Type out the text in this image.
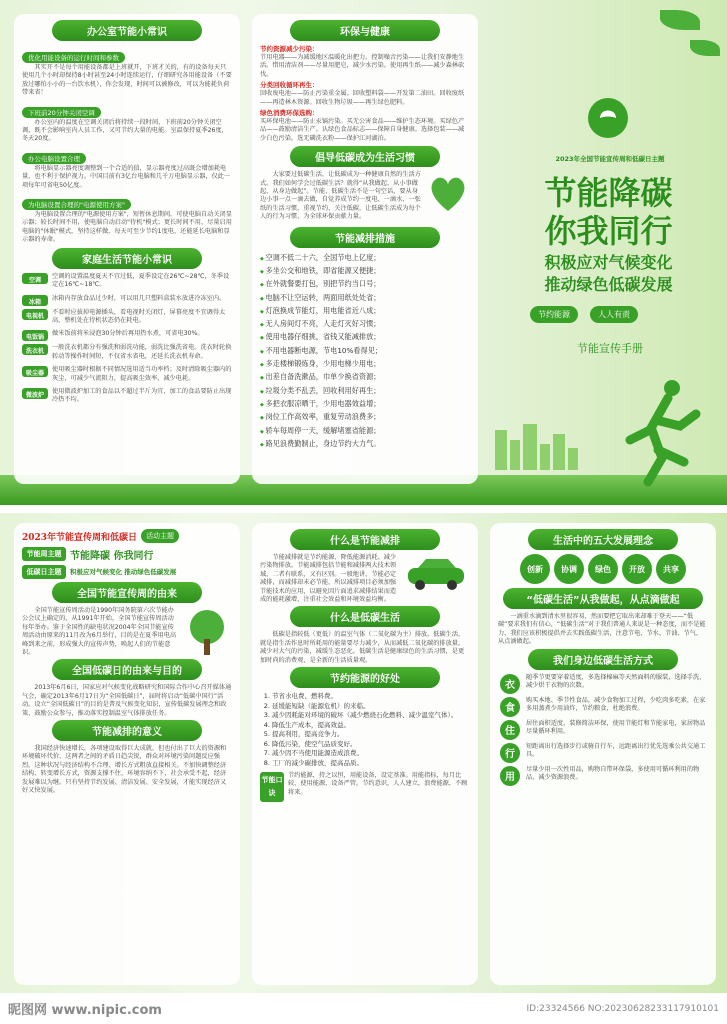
办公室节能小常识
优化用能设备的运行时间和参数
其实开不是每个用能设备都是上班就开，下班才关的，有的设备每天只使用几个小时却保持8小时甚至24小时连续运行，仔细研究各用能设备（不要放过哪怕小小的一台饮水机），你会发现，时间可以被修改，可以为能耗负荷带来省！
下班前20分钟关闭空调
办公室内的温度在空调关闭后将持续一段时间，下班前20分钟关闭空调，既不会影响室内人员工作，又可节约大量的电能。室温保持夏季26度，冬天20度。
办公电脑设置合理
将电脑显示器亮度调整到一个合适的值，显示器亮度过高既会增加耗电量，也不利于保护视力。中国目前有3亿台电脑和几千万电脑显示器，仅此一项每年可省电50亿度。
为电脑设置合理的"电源使用方案"
为电脑设置合理的"电源使用方案"，短暂休息期间，可使电脑自动关闭显示器；较长时间不用，使电脑自动启动"待机"模式；更长时间不用，尽量启用电脑的"休眠"模式，坚持这样做，每天可至少节约1度电，还能延长电脑和显示器的寿命。
家庭生活节能小常识
空调
空调的设置温度夏天不宜过低，夏季设定在26℃~28℃，冬季设定在16℃~18℃。
冰箱
冰箱内存放食品过少时，可以用几只塑料盒装水放进冷冻室内。
电视机
不看时应拔掉电源插头，看电视时关闭灯，屏幕亮度不宜调得太高，整机处在待机状态仍在耗电。
电饭锅
做米饭前将米浸泡30分钟后再用热水煮，可省电30%。
洗衣机
一般洗衣机都分有强洗和弱洗功能，弱洗比强洗省电。洗衣时轮换转动等操作时间短，不仅省水省电，还延长洗衣机寿命。
吸尘器
使用吸尘器时根据不同情况选用适当功率档；及时清除吸尘器内的灰尘，可减少气流阻力，提高吸尘效率，减少电耗。
微波炉
使用微波炉加工的食品以不超过半斤为宜，加工的食品要防止出现冷热不均。
环保与健康
节约资源减少污染：
节用电器——为减缓地区温暖化出把力。控制噪音污染——让我们安静地生活。惜用清洁剂——尽量用肥皂，减少水污染。使用再生纸——减少森林砍伐。
分类回收循环再生：
回收废电池——防止污染重金属。回收塑料袋——开发第二油田。回收废纸——再造林木资源。回收生物垃圾——再生绿色肥料。
绿色消费环保选购：
买环保电池——防止汞镉污染。买无公害食品——维护生态环境。买绿色产品——鼓励清洁生产。认绿色食品标志——保障自身健康。选择包装——减少白色污染。选无磷洗衣粉——保护江河湖泊。
倡导低碳成为生活习惯
大家要过低碳生活，让低碳成为一种健康自然的生活方式。我们如何学会过低碳生活？就得“从我做起、从小事做起，从身边做起”。节能、低碳生活不是一句空话，要从身边小事一点一滴去做，自觉养成节约一度电、一滴水、一张纸的生活习惯，重视节约、关注低碳，让低碳生活成为每个人的行为习惯，为全球环保贡献力量。
节能减排措施
◆ 空调不低二十六，全国节电上亿度；
◆ 多坐公交和地铁，即省能源又便捷；
◆ 在外就餐要打包，别把节约当口号；
◆ 电脑不让空运转，两面用纸处处省；
◆ 灯泡换成节能灯，用电能省近八成；
◆ 无人房间灯不亮，人走灯灭好习惯；
◆ 使用电器仔细挑，省钱又能减排放；
◆ 不用电器断电源，节电10%看得见；
◆ 多走楼梯锻炼身，少用电梯少用电；
◆ 出差自备洗漱品，巾单少换省资源；
◆ 垃圾分类不乱丢，回收利用好再生；
◆ 多把衣服凉晒干，少用电器效益增；
◆ 岗位工作高效率，重复劳动浪费多；
◆ 轿车每周停一天，缓解堵塞省能源；
◆ 路见浪费勤制止，身边节约大力气。
2023年全国节能宣传周和低碳日主题
节能降碳
你我同行
积极应对气候变化
推动绿色低碳发展
节约能源	人人有责
节能宣传手册
2023年节能宣传周和低碳日	活动主题
节能周主题 节能降碳 你我同行
低碳日主题	积极应对气候变化 推动绿色低碳发展
全国节能宣传周的由来
全国节能宣传周活动是1990年国务院第六次节能办公会议上确定的，从1991年开始，全国节能宣传周活动每年举办。鉴于全国性的缺电状况2004年全国节能宣传周活动由原来的11月改为6月举行，目的是在夏季用电高峰到来之前，形成强大的宣传声势，唤起人们的节能意识。
全国低碳日的由来与目的
2013年6月6日，国家应对气候变化战略研究和国际合作中心召开媒体通气会，确定2013年6月17日为“全国低碳日”，届时将启动“低碳中国行”活动。设立“全国低碳日”的目的是普及气候变化知识，宣传低碳发展理念和政策，鼓励公众参与，推动落实控制温室气体排放任务。
节能减排的意义
我国经济快速增长，各项建设取得巨大成就，但也付出了巨大的资源和环境破坏代价，这两者之间的矛盾日趋尖锐，群众对环境污染问题反应强烈。这种状况与经济结构不合理、增长方式粗放直接相关。不加快调整经济结构、转变增长方式，资源支撑不住，环境容纳不下，社会承受不起，经济发展难以为继。只有坚持节约发展、清洁发展、安全发展，才能实现经济又好又快发展。
什么是节能减排
节能减排就是节约能源、降低能源消耗、减少污染物排放。节能减排包括节能和减排两大技术领域，二者有联系，又有区别。一般地讲，节能必定减排，而减排却未必节能，所以减排项目必须加强节能技术的应用，以避免因片面追求减排结果而造成的能耗激增，注重社会效益和环境效益均衡。
什么是低碳生活
低碳是指较低（更低）的温室气体（二氧化碳为主）排放。低碳生活，就是指生活作息时所耗用的能量要尽力减少，从而减低二氧化碳的排放量，减少对大气的污染，减缓生态恶化。低碳生活是健康绿色的生活习惯，是更加时尚的消费观，是全新的生活质量观。
节约能源的好处
1. 节省水电费、燃料费。
2. 延缓能短缺（能源危机）的来临。
3. 减少因耗能对环境的破坏（减少燃烧石化燃料、减少温室气体）。
4. 降低生产成本，提高效益。
5. 提高利用，提高竞争力。
6. 降低污染，使空气品质变好。
7. 减少因不当使用能源造成浪费。
8. 工厂的减少碳排放，提高品质。
节能口诀
节约能源，持之以恒，用能设备，设定基准。用能指标，每月比较，使用能源，设备严管。节约意识，人人建立，浪费能源，不顾将来。
生活中的五大发展理念
创新	协调	绿色	开放	共享
“低碳生活”从我做起，从点滴做起
一滴重水滴到清水里很容易，然而要把它取出来却难于登天——“低碳”要求我们有信心，“低碳生活”对于我们普通人来说是一种态度，而不是能力，我们应该积极提倡并去实践低碳生活，注意节电、节水、节油、节气，从点滴做起。
我们身边低碳生活方式
衣
随季节更要穿着适度，多选择棉麻等天然面料的服装，选择手洗，减少烘干衣物的次数。
食
购买本地、季节性食品，减少食物加工过程，少吃肉多吃素，在家多用蒸煮少用油炸，节约粮食，杜绝浪费。
住
居住面积适度，装修简洁环保，使用节能灯和节能家电，家居物品尽量循环利用。
行
短距离出行选择步行或骑自行车，远距离出行优先选乘公共交通工具。
用
尽量少用一次性用品，购物自带环保袋，多使用可循环利用的物品，减少资源浪费。
昵图网 www.nipic.com	ID:23324566 NO:20230628233117910101
